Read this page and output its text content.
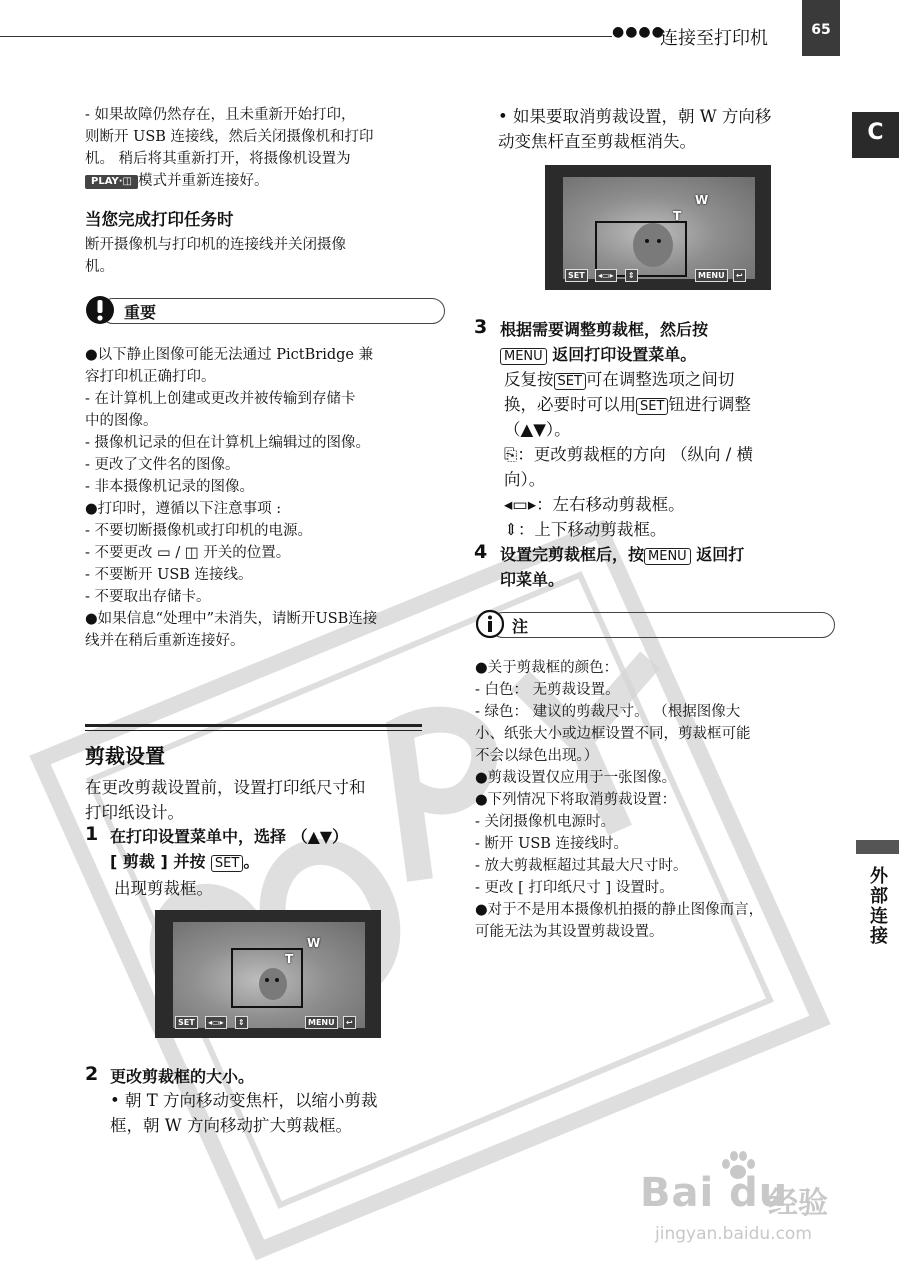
●●●●
连接至打印机	65
C
外部连接
- 如果故障仍然存在，且未重新开始打印，
则断开 USB 连接线，然后关闭摄像机和打印
机。 稍后将其重新打开，将摄像机设置为
PLAY·◫ 模式并重新连接好。
当您完成打印任务时
断开摄像机与打印机的连接线并关闭摄像
机。
重要
●以下静止图像可能无法通过 PictBridge 兼
容打印机正确打印。
- 在计算机上创建或更改并被传输到存储卡
中的图像。
- 摄像机记录的但在计算机上编辑过的图像。
- 更改了文件名的图像。
- 非本摄像机记录的图像。
●打印时，遵循以下注意事项 :
- 不要切断摄像机或打印机的电源。
- 不要更改 ▭ / ◫ 开关的位置。
- 不要断开 USB 连接线。
- 不要取出存储卡。
●如果信息“处理中”未消失，请断开USB连接
线并在稍后重新连接好。
剪裁设置
在更改剪裁设置前，设置打印纸尺寸和
打印纸设计。
1 在打印设置菜单中，选择 （▲▼）
[ 剪裁 ] 并按 SET 。
出现剪裁框。
T
W
SET	◂▭▸	⇕	MENU	↩
2 更改剪裁框的大小。
• 朝 T 方向移动变焦杆，以缩小剪裁
框，朝 W 方向移动扩大剪裁框。
• 如果要取消剪裁设置，朝 W 方向移
动变焦杆直至剪裁框消失。
T
W
SET	◂▭▸	⇕	MENU	↩
3 根据需要调整剪裁框，然后按
MENU 返回打印设置菜单。
反复按 SET 可在调整选项之间切
换，必要时可以用 SET 钮进行调整
（▲▼）。
⎘：更改剪裁框的方向 （纵向 / 横
向）。
◂▭▸：左右移动剪裁框。
⇕：上下移动剪裁框。
4 设置完剪裁框后，按 MENU 返回打
印菜单。
注
●关于剪裁框的颜色：
- 白色： 无剪裁设置。
- 绿色： 建议的剪裁尺寸。 （根据图像大
小、纸张大小或边框设置不同，剪裁框可能
不会以绿色出现。）
●剪裁设置仅应用于一张图像。
●下列情况下将取消剪裁设置：
- 关闭摄像机电源时。
- 断开 USB 连接线时。
- 放大剪裁框超过其最大尺寸时。
- 更改 [ 打印纸尺寸 ] 设置时。
●对于不是用本摄像机拍摄的静止图像而言，
可能无法为其设置剪裁设置。
Bai du
经验
jingyan.baidu.com
